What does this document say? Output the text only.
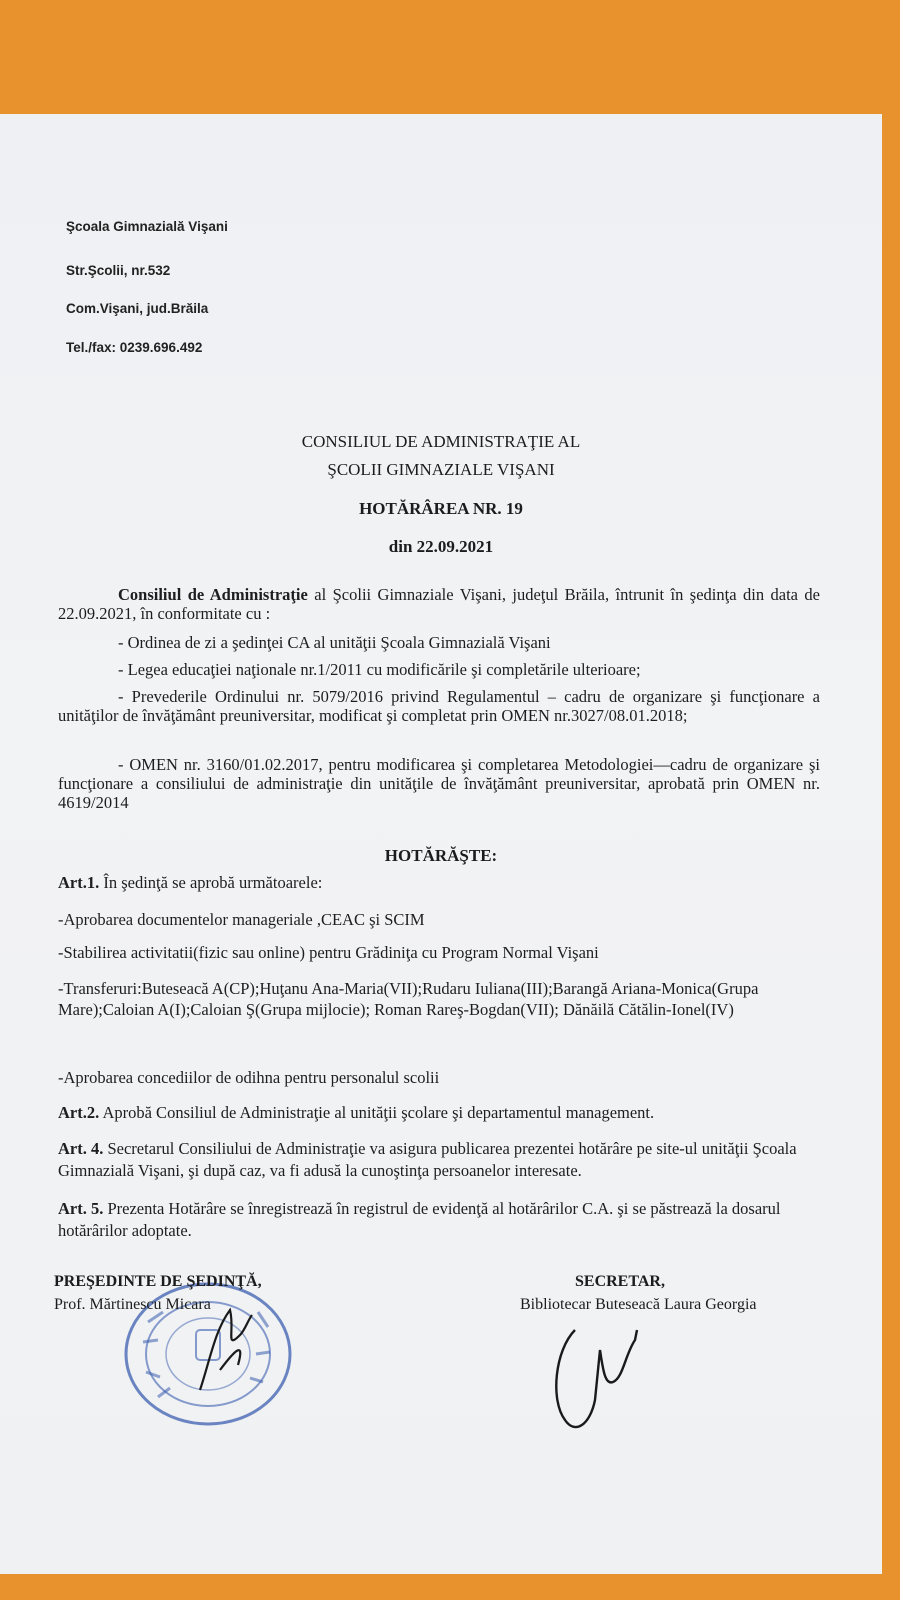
Şcoala Gimnazială Vişani
Str.Şcolii, nr.532
Com.Vişani, jud.Brăila
Tel./fax: 0239.696.492
CONSILIUL DE ADMINISTRAŢIE AL
ŞCOLII GIMNAZIALE VIŞANI
HOTĂRÂREA NR. 19
din 22.09.2021
Consiliul de Administraţie al Şcolii Gimnaziale Vişani, judeţul Brăila, întrunit în şedinţa din data de 22.09.2021, în conformitate cu :
- Ordinea de zi a şedinţei CA al unităţii Şcoala Gimnazială Vişani
- Legea educaţiei naţionale nr.1/2011 cu modificările şi completările ulterioare;
- Prevederile Ordinului nr. 5079/2016 privind Regulamentul – cadru de organizare şi funcţionare a unităţilor de învăţământ preuniversitar, modificat şi completat prin OMEN nr.3027/08.01.2018;
- OMEN nr. 3160/01.02.2017, pentru modificarea şi completarea Metodologiei—cadru de organizare şi funcţionare a consiliului de administraţie din unităţile de învăţământ preuniversitar, aprobată prin OMEN nr. 4619/2014
HOTĂRĂŞTE:
Art.1. În şedinţă se aprobă următoarele:
-Aprobarea documentelor manageriale ,CEAC şi SCIM
-Stabilirea activitatii(fizic sau online) pentru Grădiniţa cu Program Normal Vişani
-Transferuri:Buteseacă A(CP);Huţanu Ana-Maria(VII);Rudaru Iuliana(III);Barangă Ariana-Monica(Grupa Mare);Caloian A(I);Caloian Ş(Grupa mijlocie); Roman Rareş-Bogdan(VII); Dănăilă Cătălin-Ionel(IV)
-Aprobarea concediilor de odihna pentru personalul scolii
Art.2. Aprobă Consiliul de Administraţie al unităţii şcolare şi departamentul management.
Art. 4. Secretarul Consiliului de Administraţie va asigura publicarea prezentei hotărâre pe site-ul unităţii Şcoala Gimnazială Vişani, şi după caz, va fi adusă la cunoştinţa persoanelor interesate.
Art. 5. Prezenta Hotărâre se înregistrează în registrul de evidenţă al hotărârilor C.A. şi se păstrează la dosarul hotărârilor adoptate.
PREŞEDINTE DE ŞEDINŢĂ,
Prof. Mărtinescu Micara
SECRETAR,
Bibliotecar Buteseacă Laura Georgia
